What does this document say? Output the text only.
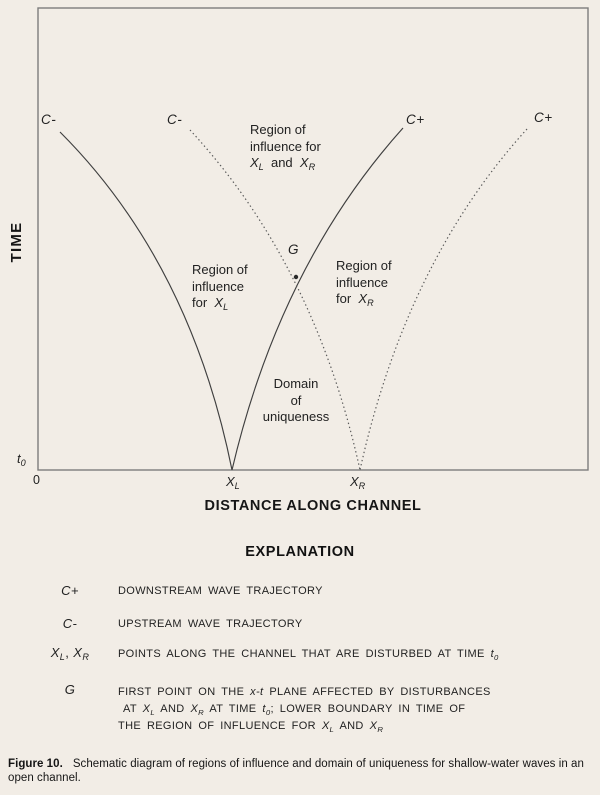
TIME
DISTANCE ALONG CHANNEL
C-	C-	C+	C+
Region of
influence for
$X_L$ and $X_R$
G
Region of
influence
for $X_L$
Region of
influence
for $X_R$
Domain
of
uniqueness
$t_0$
0	$X_L$	$X_R$
EXPLANATION
C+	DOWNSTREAM WAVE TRAJECTORY
C-	UPSTREAM WAVE TRAJECTORY
$X_L$, $X_R$	POINTS ALONG THE CHANNEL THAT ARE DISTURBED AT TIME $t_0$
G	FIRST POINT ON THE x-t PLANE AFFECTED BY DISTURBANCES
AT $X_L$ AND $X_R$ AT TIME $t_0$; LOWER BOUNDARY IN TIME OF
THE REGION OF INFLUENCE FOR $X_L$ AND $X_R$
Figure 10. Schematic diagram of regions of influence and domain of uniqueness for shallow-water waves in an open channel.
